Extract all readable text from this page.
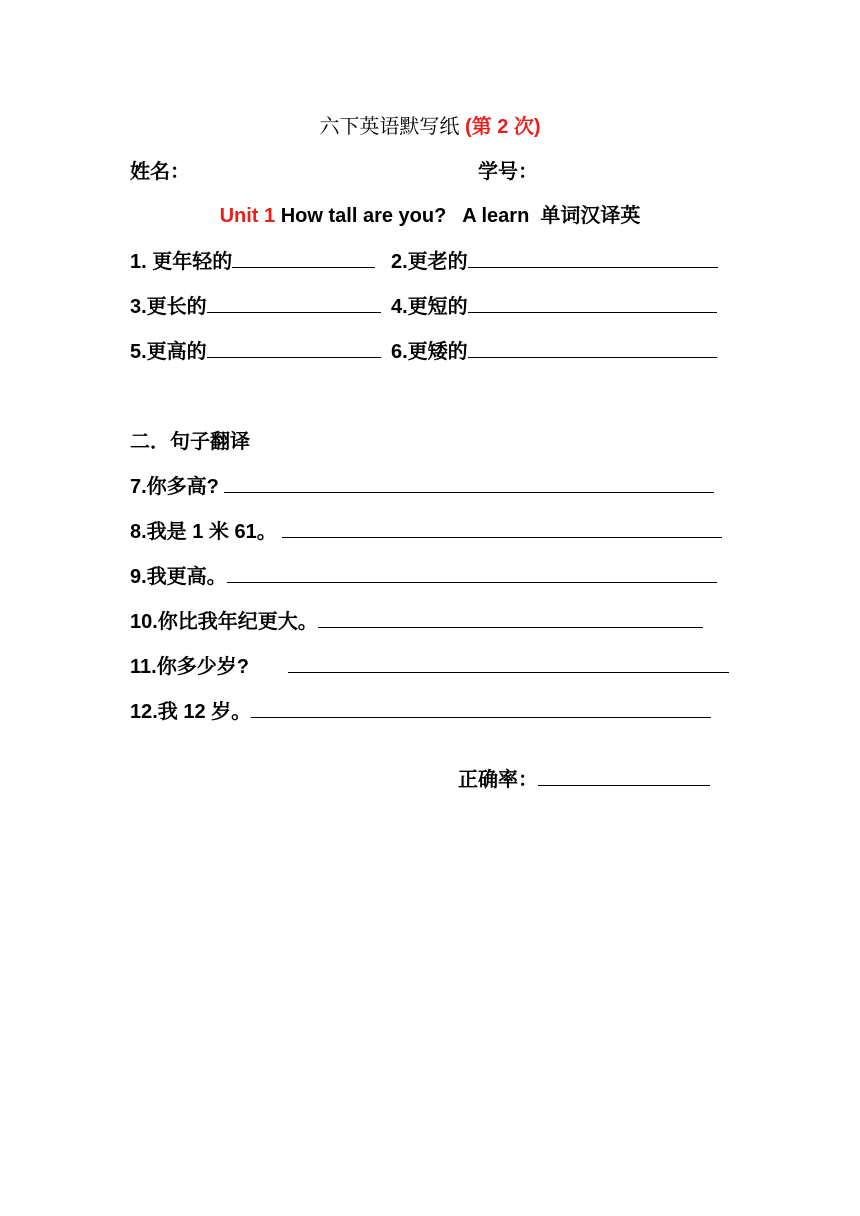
六下英语默写纸 (第 2 次)
姓名：	学号：
Unit 1 How tall are you?   A learn  单词汉译英
1. 更年轻的	2.更老的
3.更长的	4.更短的
5.更高的	6.更矮的
二．句子翻译
7.你多高?
8.我是 1 米 61。
9.我更高。
10.你比我年纪更大。
11.你多少岁?
12.我 12 岁。
正确率：
